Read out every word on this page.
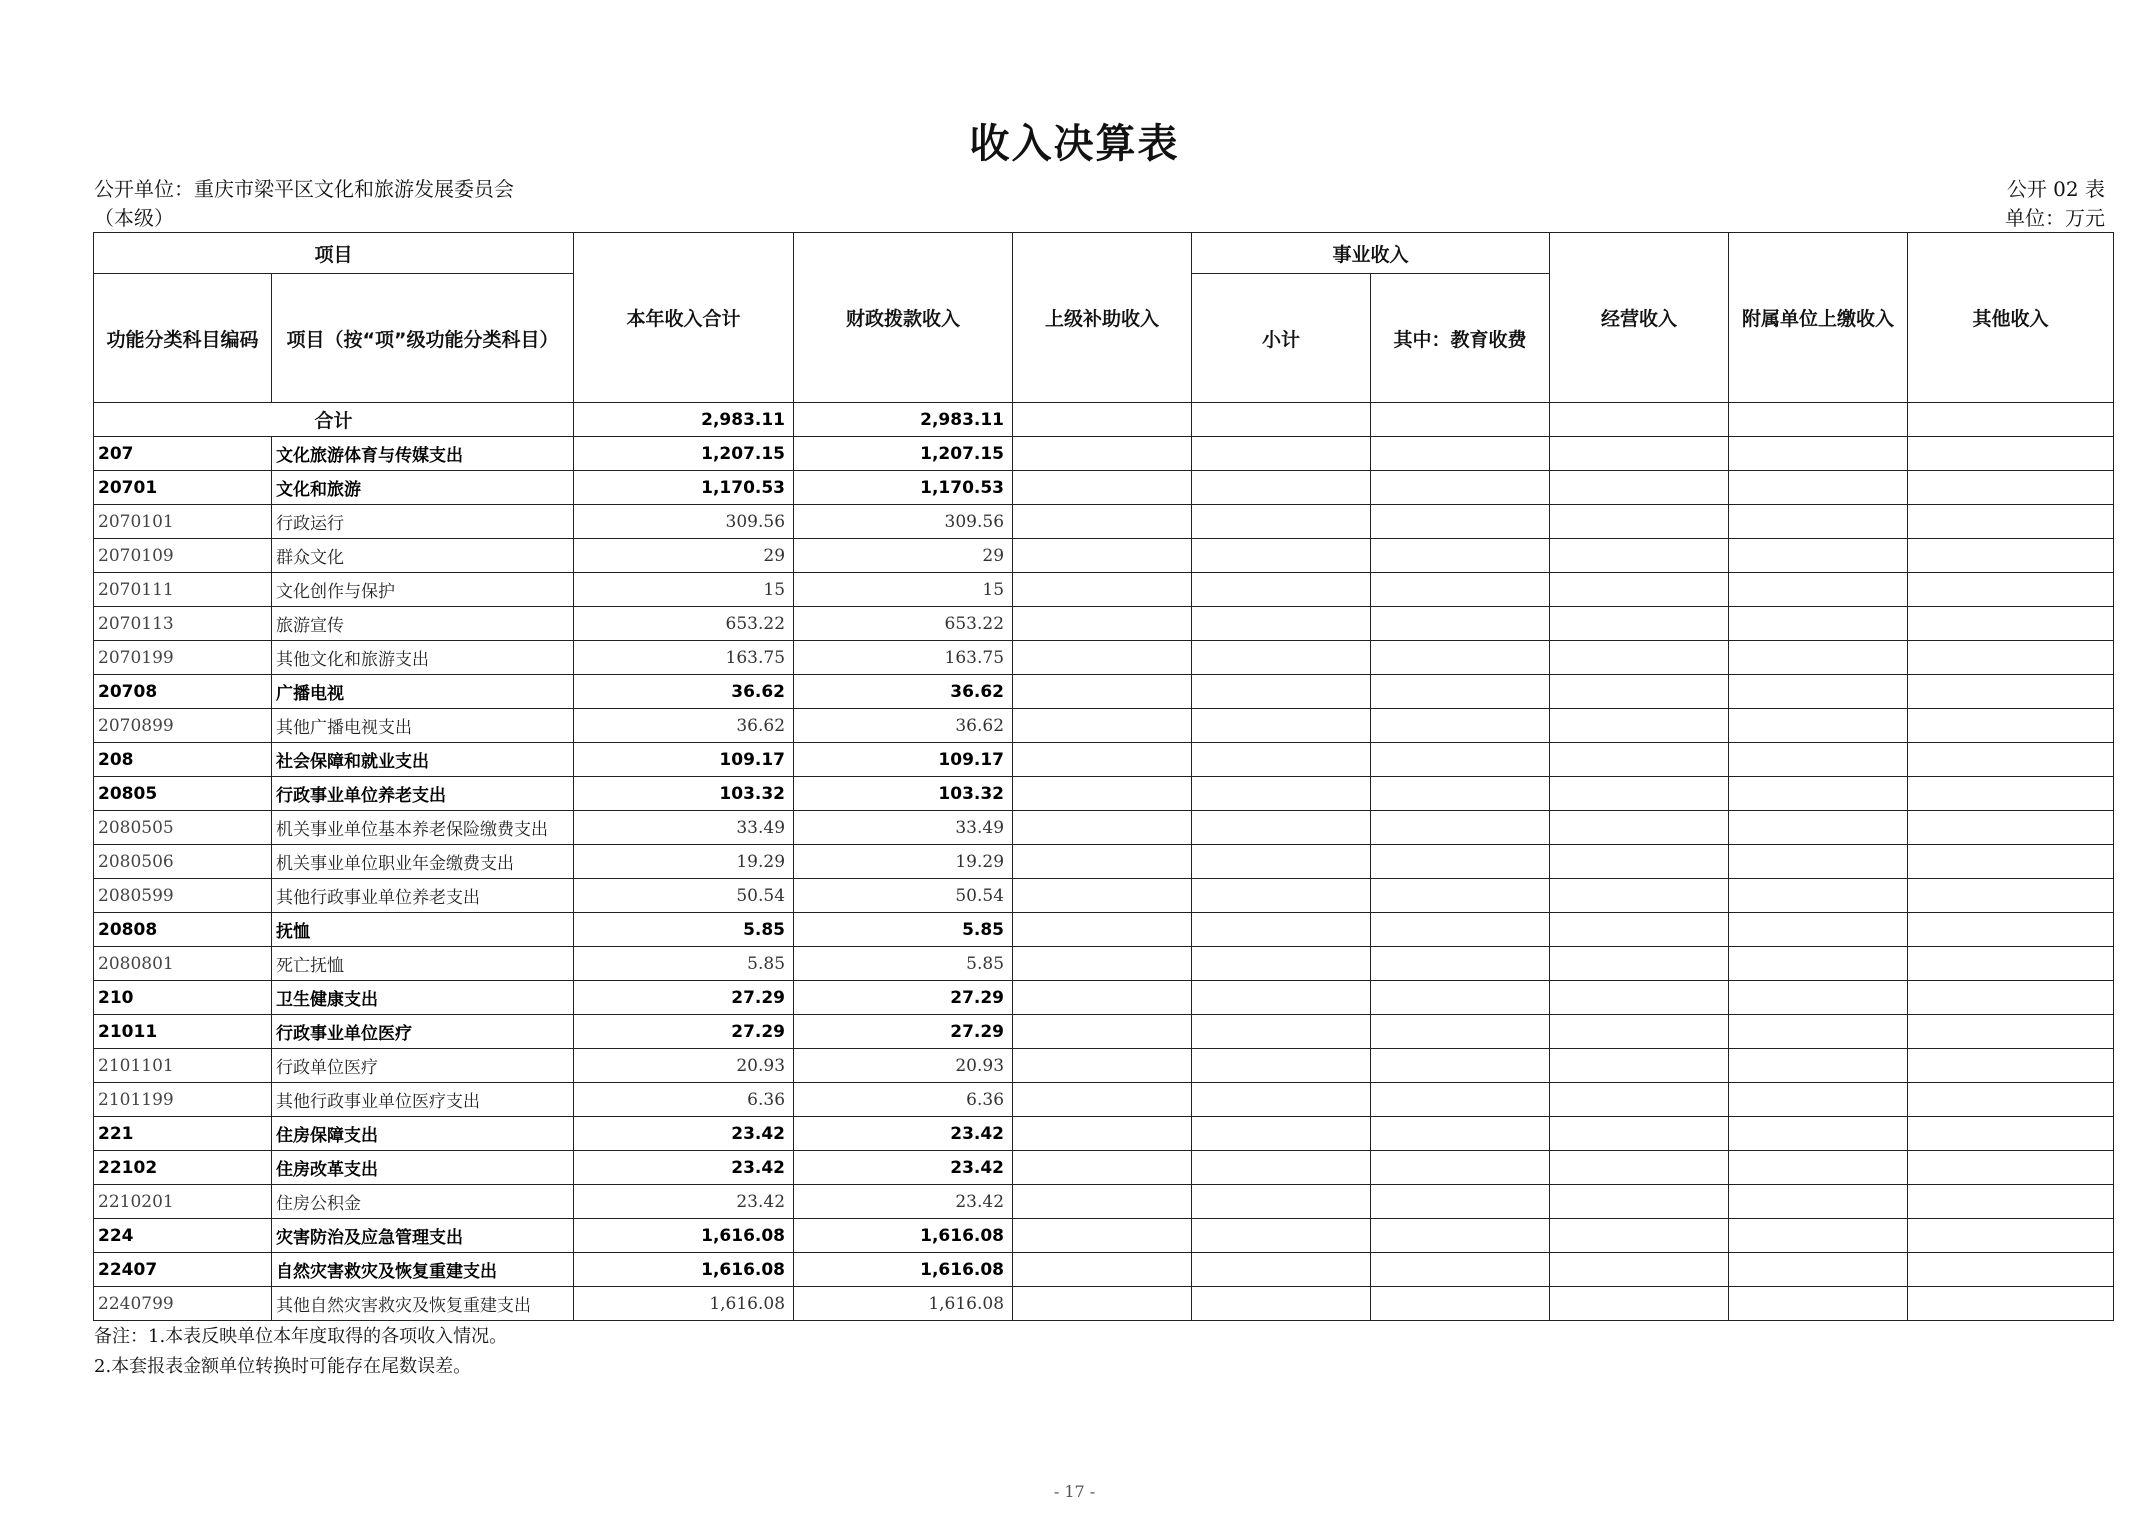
收入决算表
公开单位：重庆市梁平区文化和旅游发展委员会
（本级）
公开 02 表
单位：万元
项目		本年收入合计	财政拨款收入	上级补助收入	事业收入		经营收入	附属单位上缴收入	其他收入
功能分类科目编码	项目（按“项”级功能分类科目）				小计	其中：教育收费			
合计		2,983.11	2,983.11						
207	文化旅游体育与传媒支出	1,207.15	1,207.15						
20701	文化和旅游	1,170.53	1,170.53						
2070101	行政运行	309.56	309.56						
2070109	群众文化	29	29						
2070111	文化创作与保护	15	15						
2070113	旅游宣传	653.22	653.22						
2070199	其他文化和旅游支出	163.75	163.75						
20708	广播电视	36.62	36.62						
2070899	其他广播电视支出	36.62	36.62						
208	社会保障和就业支出	109.17	109.17						
20805	行政事业单位养老支出	103.32	103.32						
2080505	机关事业单位基本养老保险缴费支出	33.49	33.49						
2080506	机关事业单位职业年金缴费支出	19.29	19.29						
2080599	其他行政事业单位养老支出	50.54	50.54						
20808	抚恤	5.85	5.85						
2080801	死亡抚恤	5.85	5.85						
210	卫生健康支出	27.29	27.29						
21011	行政事业单位医疗	27.29	27.29						
2101101	行政单位医疗	20.93	20.93						
2101199	其他行政事业单位医疗支出	6.36	6.36						
221	住房保障支出	23.42	23.42						
22102	住房改革支出	23.42	23.42						
2210201	住房公积金	23.42	23.42						
224	灾害防治及应急管理支出	1,616.08	1,616.08						
22407	自然灾害救灾及恢复重建支出	1,616.08	1,616.08						
2240799	其他自然灾害救灾及恢复重建支出	1,616.08	1,616.08						
备注：1.本表反映单位本年度取得的各项收入情况。
2.本套报表金额单位转换时可能存在尾数误差。
- 17 -
